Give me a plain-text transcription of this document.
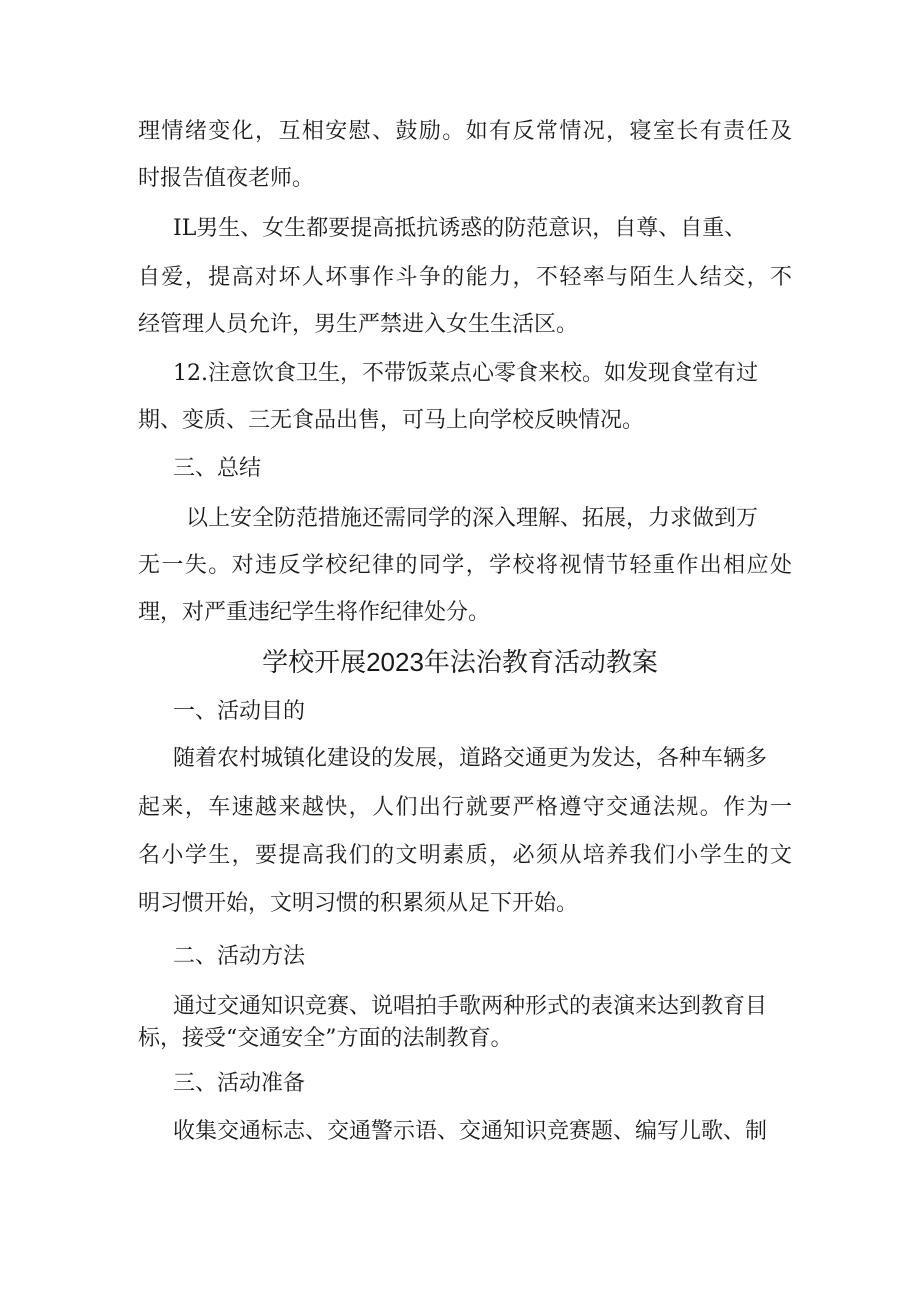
理情绪变化，互相安慰、鼓励。如有反常情况，寝室长有责任及
时报告值夜老师。
IL男生、女生都要提高抵抗诱惑的防范意识，自尊、自重、
自爱，提高对坏人坏事作斗争的能力，不轻率与陌生人结交，不
经管理人员允许，男生严禁进入女生生活区。
12.注意饮食卫生，不带饭菜点心零食来校。如发现食堂有过
期、变质、三无食品出售，可马上向学校反映情况。
三、总结
以上安全防范措施还需同学的深入理解、拓展，力求做到万
无一失。对违反学校纪律的同学，学校将视情节轻重作出相应处
理，对严重违纪学生将作纪律处分。
学校开展2023年法治教育活动教案
一、活动目的
随着农村城镇化建设的发展，道路交通更为发达，各种车辆多
起来，车速越来越快，人们出行就要严格遵守交通法规。作为一
名小学生，要提高我们的文明素质，必须从培养我们小学生的文
明习惯开始，文明习惯的积累须从足下开始。
二、活动方法
通过交通知识竞赛、说唱拍手歌两种形式的表演来达到教育目
标，接受“交通安全”方面的法制教育。
三、活动准备
收集交通标志、交通警示语、交通知识竞赛题、编写儿歌、制
